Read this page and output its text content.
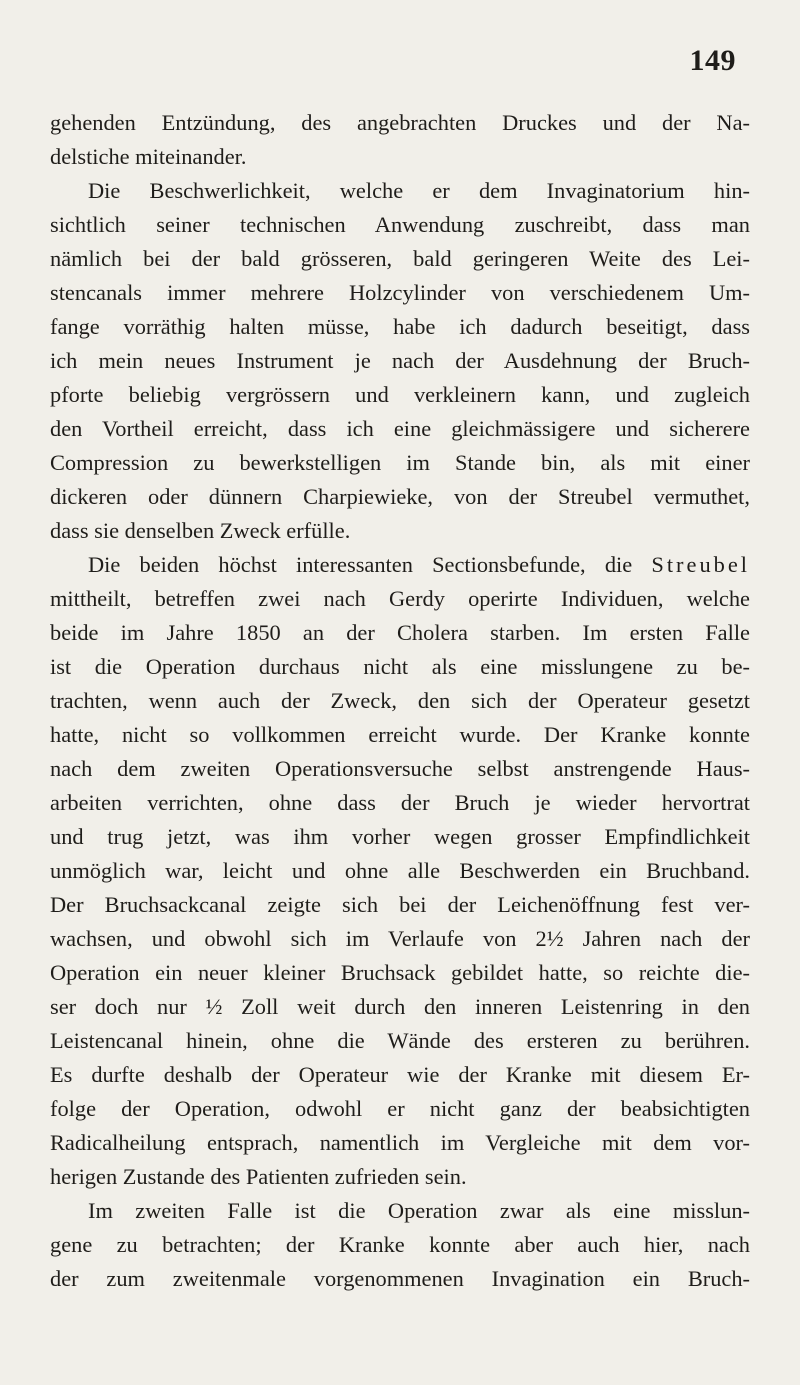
149
gehenden Entzündung, des angebrachten Druckes und der Na-
delstiche miteinander.
Die Beschwerlichkeit, welche er dem Invaginatorium hin-
sichtlich seiner technischen Anwendung zuschreibt, dass man
nämlich bei der bald grösseren, bald geringeren Weite des Lei-
stencanals immer mehrere Holzcylinder von verschiedenem Um-
fange vorräthig halten müsse, habe ich dadurch beseitigt, dass
ich mein neues Instrument je nach der Ausdehnung der Bruch-
pforte beliebig vergrössern und verkleinern kann, und zugleich
den Vortheil erreicht, dass ich eine gleichmässigere und sicherere
Compression zu bewerkstelligen im Stande bin, als mit einer
dickeren oder dünnern Charpiewieke, von der Streubel vermuthet,
dass sie denselben Zweck erfülle.
Die beiden höchst interessanten Sectionsbefunde, die Streubel
mittheilt, betreffen zwei nach Gerdy operirte Individuen, welche
beide im Jahre 1850 an der Cholera starben. Im ersten Falle
ist die Operation durchaus nicht als eine misslungene zu be-
trachten, wenn auch der Zweck, den sich der Operateur gesetzt
hatte, nicht so vollkommen erreicht wurde. Der Kranke konnte
nach dem zweiten Operationsversuche selbst anstrengende Haus-
arbeiten verrichten, ohne dass der Bruch je wieder hervortrat
und trug jetzt, was ihm vorher wegen grosser Empfindlichkeit
unmöglich war, leicht und ohne alle Beschwerden ein Bruchband.
Der Bruchsackcanal zeigte sich bei der Leichenöffnung fest ver-
wachsen, und obwohl sich im Verlaufe von 2½ Jahren nach der
Operation ein neuer kleiner Bruchsack gebildet hatte, so reichte die-
ser doch nur ½ Zoll weit durch den inneren Leistenring in den
Leistencanal hinein, ohne die Wände des ersteren zu berühren.
Es durfte deshalb der Operateur wie der Kranke mit diesem Er-
folge der Operation, odwohl er nicht ganz der beabsichtigten
Radicalheilung entsprach, namentlich im Vergleiche mit dem vor-
herigen Zustande des Patienten zufrieden sein.
Im zweiten Falle ist die Operation zwar als eine misslun-
gene zu betrachten; der Kranke konnte aber auch hier, nach
der zum zweitenmale vorgenommenen Invagination ein Bruch-
